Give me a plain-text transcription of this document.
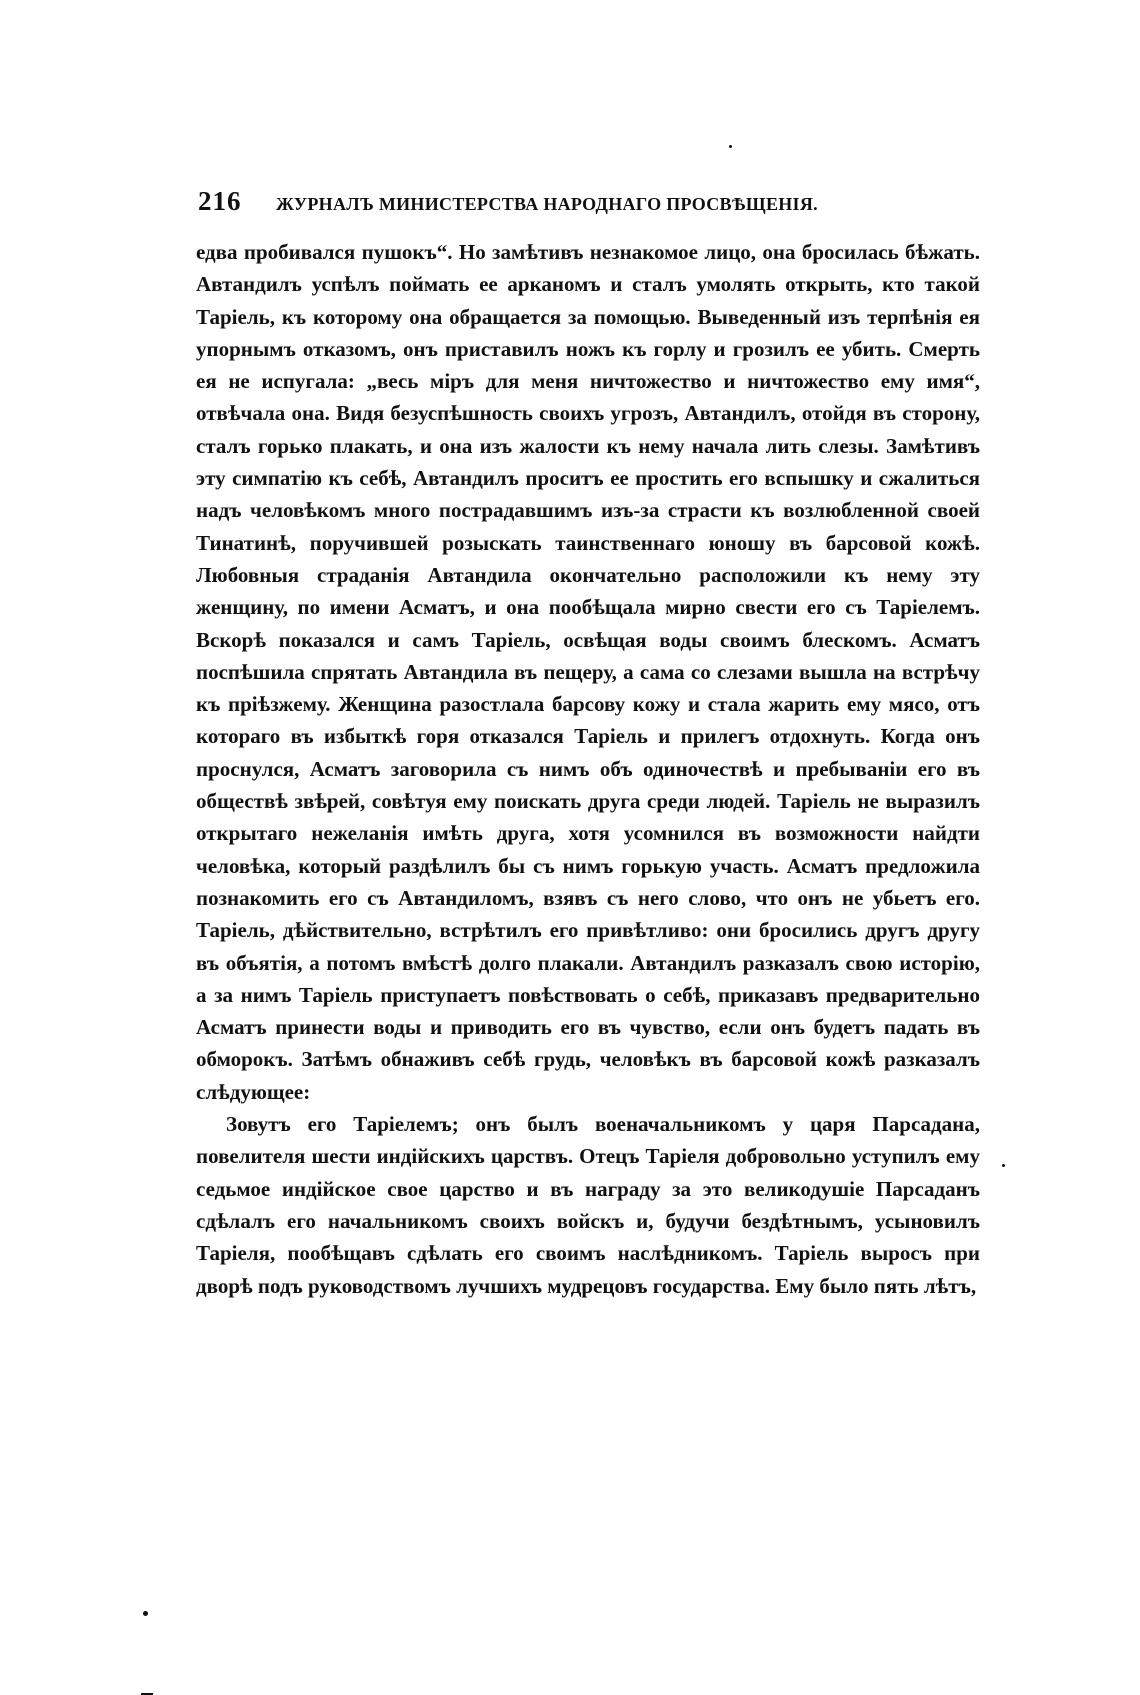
216	ЖУРНАЛЪ МИНИСТЕРСТВА НАРОДНАГО ПРОСВѢЩЕНІЯ.

едва пробивался пушокъ“. Но замѣтивъ незнакомое лицо, она бросилась бѣжать. Автандилъ успѣлъ поймать ее арканомъ и сталъ умолять открыть, кто такой Таріель, къ которому она обращается за помощью. Выведенный изъ терпѣнія ея упорнымъ отказомъ, онъ приставилъ ножъ къ горлу и грозилъ ее убить. Смерть ея не испугала: „весь міръ для меня ничтожество и ничтожество ему имя“, отвѣчала она. Видя безуспѣшность своихъ угрозъ, Автандилъ, отойдя въ сторону, сталъ горько плакать, и она изъ жалости къ нему начала лить слезы. Замѣтивъ эту симпатію къ себѣ, Автандилъ проситъ ее простить его вспышку и сжалиться надъ человѣкомъ много пострадавшимъ изъ-за страсти къ возлюбленной своей Тинатинѣ, поручившей розыскать таинственнаго юношу въ барсовой кожѣ. Любовныя страданія Автандила окончательно расположили къ нему эту женщину, по имени Асматъ, и она пообѣщала мирно свести его съ Таріелемъ. Вскорѣ показался и самъ Таріель, освѣщая воды своимъ блескомъ. Асматъ поспѣшила спрятать Автандила въ пещеру, а сама со слезами вышла на встрѣчу къ пріѣзжему. Женщина разостлала барсову кожу и стала жарить ему мясо, отъ котораго въ избыткѣ горя отказался Таріель и прилегъ отдохнуть. Когда онъ проснулся, Асматъ заговорила съ нимъ объ одиночествѣ и пребываніи его въ обществѣ звѣрей, совѣтуя ему поискать друга среди людей. Таріель не выразилъ открытаго нежеланія имѣть друга, хотя усомнился въ возможности найдти человѣка, который раздѣлилъ бы съ нимъ горькую участь. Асматъ предложила познакомить его съ Автандиломъ, взявъ съ него слово, что онъ не убьетъ его. Таріель, дѣйствительно, встрѣтилъ его привѣтливо: они бросились другъ другу въ объятія, а потомъ вмѣстѣ долго плакали. Автандилъ разказалъ свою исторію, а за нимъ Таріель приступаетъ повѣствовать о себѣ, приказавъ предварительно Асматъ принести воды и приводить его въ чувство, если онъ будетъ падать въ обморокъ. Затѣмъ обнаживъ себѣ грудь, человѣкъ въ барсовой кожѣ разказалъ слѣдующее:

Зовутъ его Таріелемъ; онъ былъ военачальникомъ у царя Парсадана, повелителя шести индійскихъ царствъ. Отецъ Таріеля добровольно уступилъ ему седьмое индійское свое царство и въ награду за это великодушіе Парсаданъ сдѣлалъ его начальникомъ своихъ войскъ и, будучи бездѣтнымъ, усыновилъ Таріеля, пообѣщавъ сдѣлать его своимъ наслѣдникомъ. Таріель выросъ при дворѣ подъ руководствомъ лучшихъ мудрецовъ государства. Ему было пять лѣтъ,
